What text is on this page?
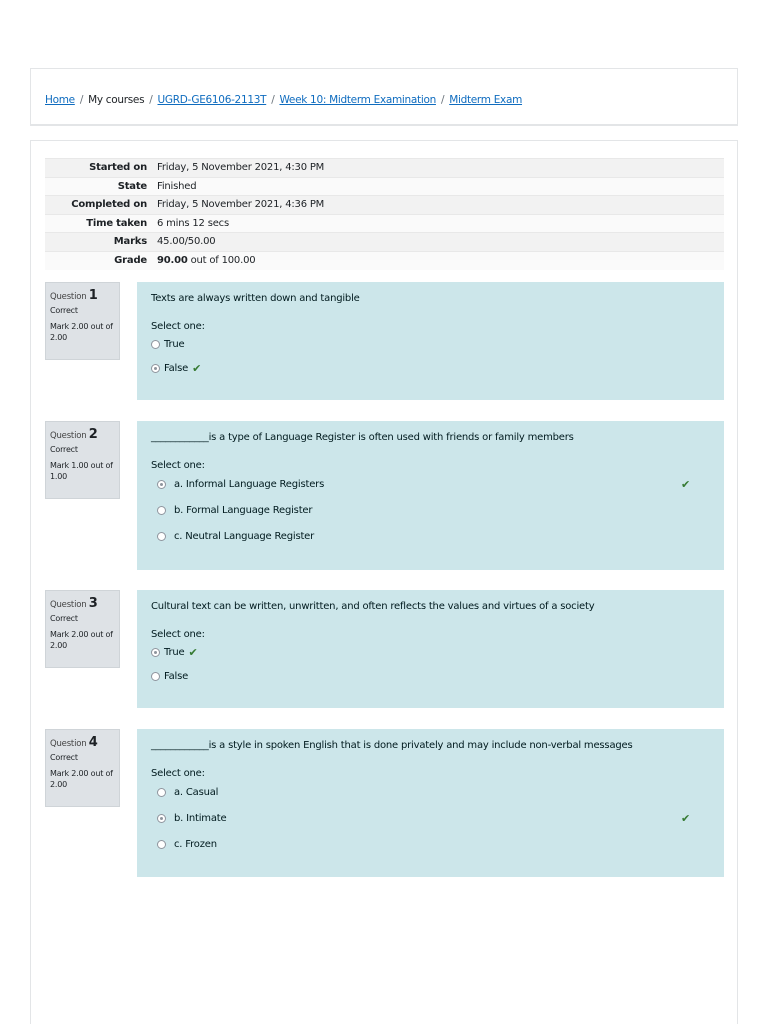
Home / My courses / UGRD-GE6106-2113T / Week 10: Midterm Examination / Midterm Exam
Started on	Friday, 5 November 2021, 4:30 PM
State	Finished
Completed on	Friday, 5 November 2021, 4:36 PM
Time taken	6 mins 12 secs
Marks	45.00/50.00
Grade	90.00 out of 100.00
Question 1
Correct
Mark 2.00 out of 2.00
Texts are always written down and tangible
Select one:
True
False ✔
Question 2
Correct
Mark 1.00 out of 1.00
____________is a type of Language Register is often used with friends or family members
Select one:
a. Informal Language Registers	✔
b. Formal Language Register
c. Neutral Language Register
Question 3
Correct
Mark 2.00 out of 2.00
Cultural text can be written, unwritten, and often reflects the values and virtues of a society
Select one:
True ✔
False
Question 4
Correct
Mark 2.00 out of 2.00
____________is a style in spoken English that is done privately and may include non-verbal messages
Select one:
a. Casual
b. Intimate	✔
c. Frozen
